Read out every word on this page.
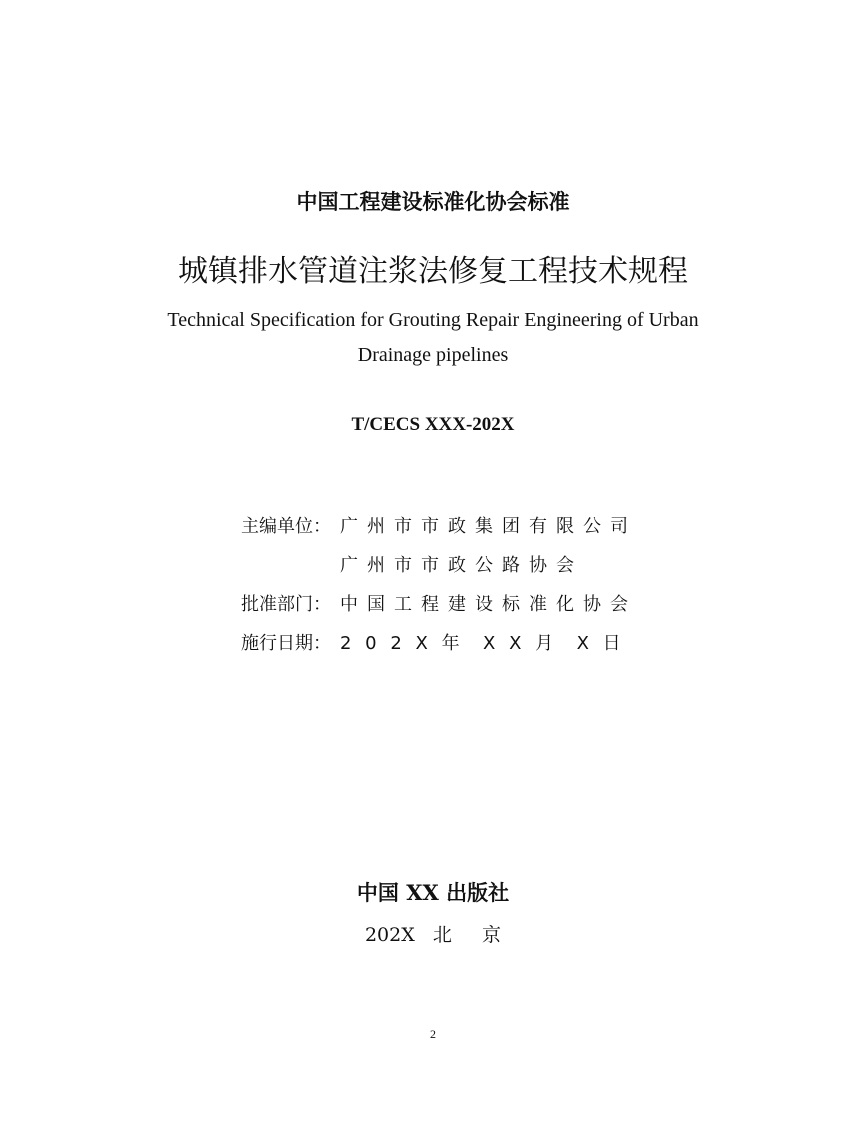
中国工程建设标准化协会标准
城镇排水管道注浆法修复工程技术规程
Technical Specification for Grouting Repair Engineering of Urban
Drainage pipelines
T/CECS XXX-202X
主编单位： 广州市市政集团有限公司
广州市市政公路协会
批准部门： 中国工程建设标准化协会
施行日期： 2 0 2 X 年  X X 月  X 日
中国 XX 出版社
202X   北     京
2
